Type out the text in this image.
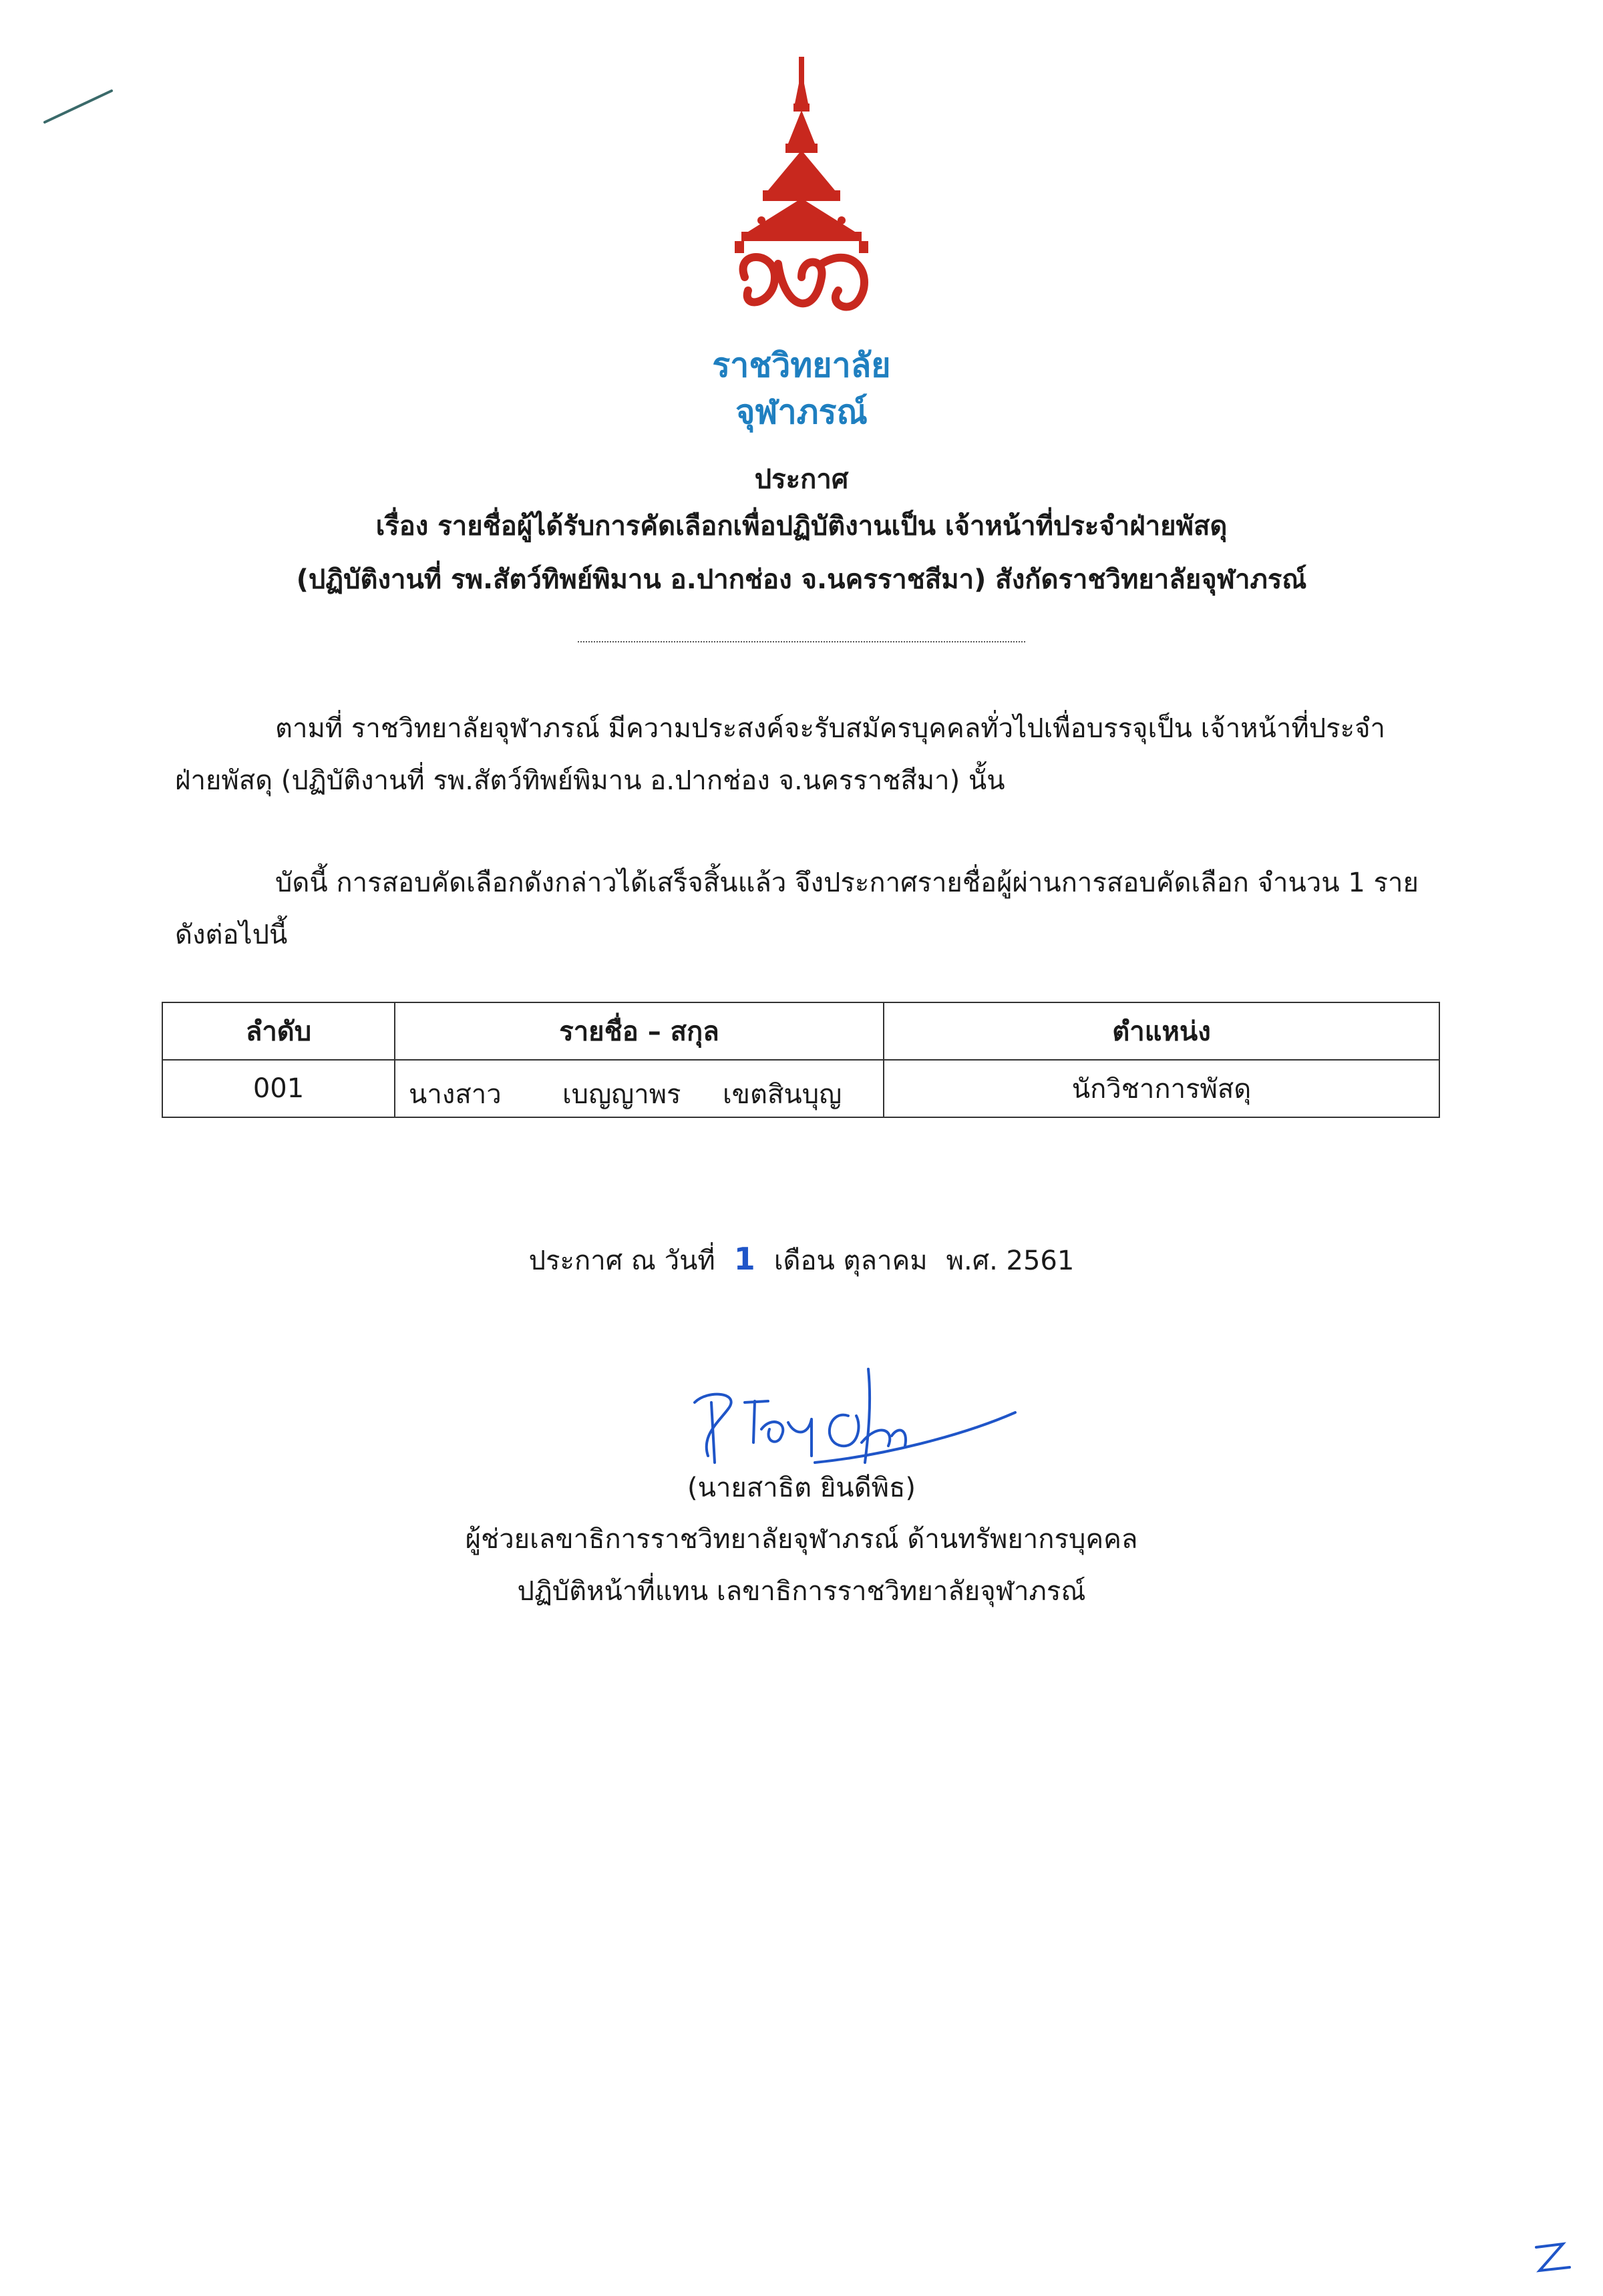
ราชวิทยาลัย
จุฬาภรณ์
ประกาศ
เรื่อง รายชื่อผู้ได้รับการคัดเลือกเพื่อปฏิบัติงานเป็น เจ้าหน้าที่ประจำฝ่ายพัสดุ
(ปฏิบัติงานที่ รพ.สัตว์ทิพย์พิมาน อ.ปากช่อง จ.นครราชสีมา) สังกัดราชวิทยาลัยจุฬาภรณ์
ตามที่ ราชวิทยาลัยจุฬาภรณ์ มีความประสงค์จะรับสมัครบุคคลทั่วไปเพื่อบรรจุเป็น เจ้าหน้าที่ประจำ
ฝ่ายพัสดุ (ปฏิบัติงานที่ รพ.สัตว์ทิพย์พิมาน อ.ปากช่อง จ.นครราชสีมา) นั้น
บัดนี้ การสอบคัดเลือกดังกล่าวได้เสร็จสิ้นแล้ว จึงประกาศรายชื่อผู้ผ่านการสอบคัดเลือก จำนวน 1 ราย
ดังต่อไปนี้
ลำดับ	รายชื่อ – สกุล	ตำแหน่ง
001	นางสาว เบญญาพร เขตสินบุญ	นักวิชาการพัสดุ
ประกาศ ณ วันที่ 1 เดือน ตุลาคม พ.ศ. 2561
(นายสาธิต ยินดีพิธ)
ผู้ช่วยเลขาธิการราชวิทยาลัยจุฬาภรณ์ ด้านทรัพยากรบุคคล
ปฏิบัติหน้าที่แทน เลขาธิการราชวิทยาลัยจุฬาภรณ์
